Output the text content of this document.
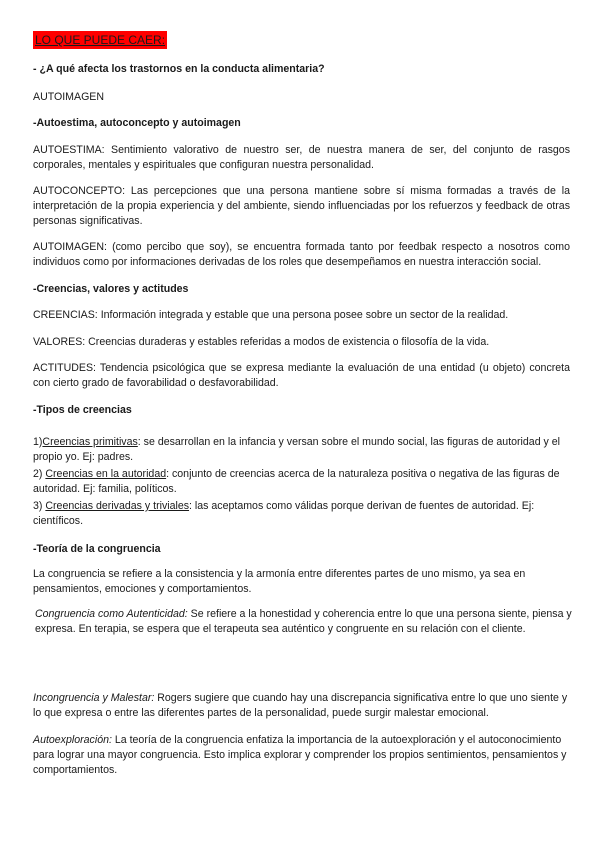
LO QUE PUEDE CAER:

- ¿A qué afecta los trastornos en la conducta alimentaria?

AUTOIMAGEN

-Autoestima, autoconcepto y autoimagen

AUTOESTIMA: Sentimiento valorativo de nuestro ser, de nuestra manera de ser, del conjunto de rasgos corporales, mentales y espirituales que configuran nuestra personalidad.

AUTOCONCEPTO: Las percepciones que una persona mantiene sobre sí misma formadas a través de la interpretación de la propia experiencia y del ambiente, siendo influenciadas por los refuerzos y feedback de otras personas significativas.

AUTOIMAGEN: (como percibo que soy), se encuentra formada tanto por feedbak respecto a nosotros como individuos como por informaciones derivadas de los roles que desempeñamos en nuestra interacción social.

-Creencias, valores y actitudes

CREENCIAS: Información integrada y estable que una persona posee sobre un sector de la realidad.

VALORES: Creencias duraderas y estables referidas a modos de existencia o filosofía de la vida.

ACTITUDES: Tendencia psicológica que se expresa mediante la evaluación de una entidad (u objeto) concreta con cierto grado de favorabilidad o desfavorabilidad.

-Tipos de creencias

1)Creencias primitivas: se desarrollan en la infancia y versan sobre el mundo social, las figuras de autoridad y el propio yo. Ej: padres.

2) Creencias en la autoridad: conjunto de creencias acerca de la naturaleza positiva o negativa de las figuras de autoridad. Ej: familia, políticos.

3) Creencias derivadas y triviales: las aceptamos como válidas porque derivan de fuentes de autoridad. Ej: científicos.

-Teoría de la congruencia

La congruencia se refiere a la consistencia y la armonía entre diferentes partes de uno mismo, ya sea en pensamientos, emociones y comportamientos.

Congruencia como Autenticidad: Se refiere a la honestidad y coherencia entre lo que una persona siente, piensa y expresa. En terapia, se espera que el terapeuta sea auténtico y congruente en su relación con el cliente.

Incongruencia y Malestar: Rogers sugiere que cuando hay una discrepancia significativa entre lo que uno siente y lo que expresa o entre las diferentes partes de la personalidad, puede surgir malestar emocional.

Autoexploración: La teoría de la congruencia enfatiza la importancia de la autoexploración y el autoconocimiento para lograr una mayor congruencia. Esto implica explorar y comprender los propios sentimientos, pensamientos y comportamientos.
